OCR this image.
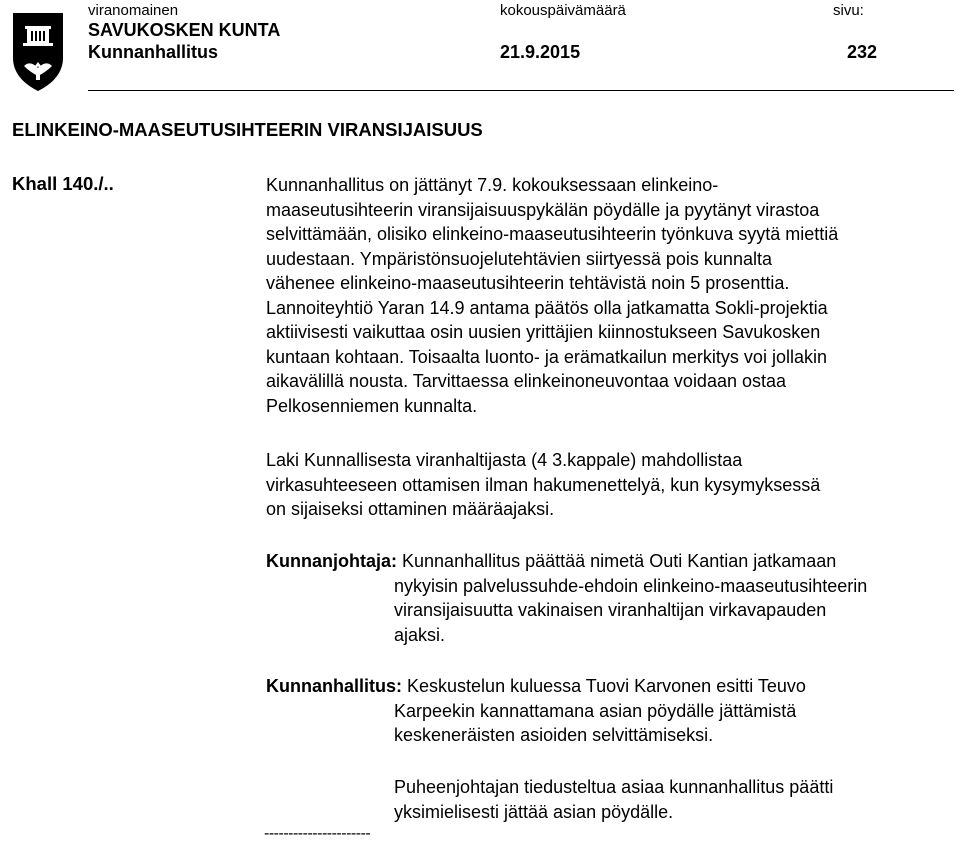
viranomainen	kokouspäivämäärä	sivu:
SAVUKOSKEN KUNTA
Kunnanhallitus	21.9.2015	232
ELINKEINO-MAASEUTUSIHTEERIN VIRANSIJAISUUS
Khall 140./..	Kunnanhallitus on jättänyt 7.9. kokouksessaan elinkeino-
maaseutusihteerin viransijaisuuspykälän pöydälle ja pyytänyt virastoa
selvittämään, olisiko elinkeino-maaseutusihteerin työnkuva syytä miettiä
uudestaan. Ympäristönsuojelutehtävien siirtyessä pois kunnalta
vähenee elinkeino-maaseutusihteerin tehtävistä noin 5 prosenttia.
Lannoiteyhtiö Yaran 14.9 antama päätös olla jatkamatta Sokli-projektia
aktiivisesti vaikuttaa osin uusien yrittäjien kiinnostukseen Savukosken
kuntaan kohtaan. Toisaalta luonto- ja erämatkailun merkitys voi jollakin
aikavälillä nousta. Tarvittaessa elinkeinoneuvontaa voidaan ostaa
Pelkosenniemen kunnalta.
Laki Kunnallisesta viranhaltijasta (4 3.kappale) mahdollistaa
virkasuhteeseen ottamisen ilman hakumenettelyä, kun kysymyksessä
on sijaiseksi ottaminen määräajaksi.
Kunnanjohtaja: Kunnanhallitus päättää nimetä Outi Kantian jatkamaan
nykyisin palvelussuhde-ehdoin elinkeino-maaseutusihteerin
viransijaisuutta vakinaisen viranhaltijan virkavapauden
ajaksi.
Kunnanhallitus: Keskustelun kuluessa Tuovi Karvonen esitti Teuvo
Karpeekin kannattamana asian pöydälle jättämistä
keskeneräisten asioiden selvittämiseksi.
Puheenjohtajan tiedusteltua asiaa kunnanhallitus päätti
yksimielisesti jättää asian pöydälle.
----------------------
